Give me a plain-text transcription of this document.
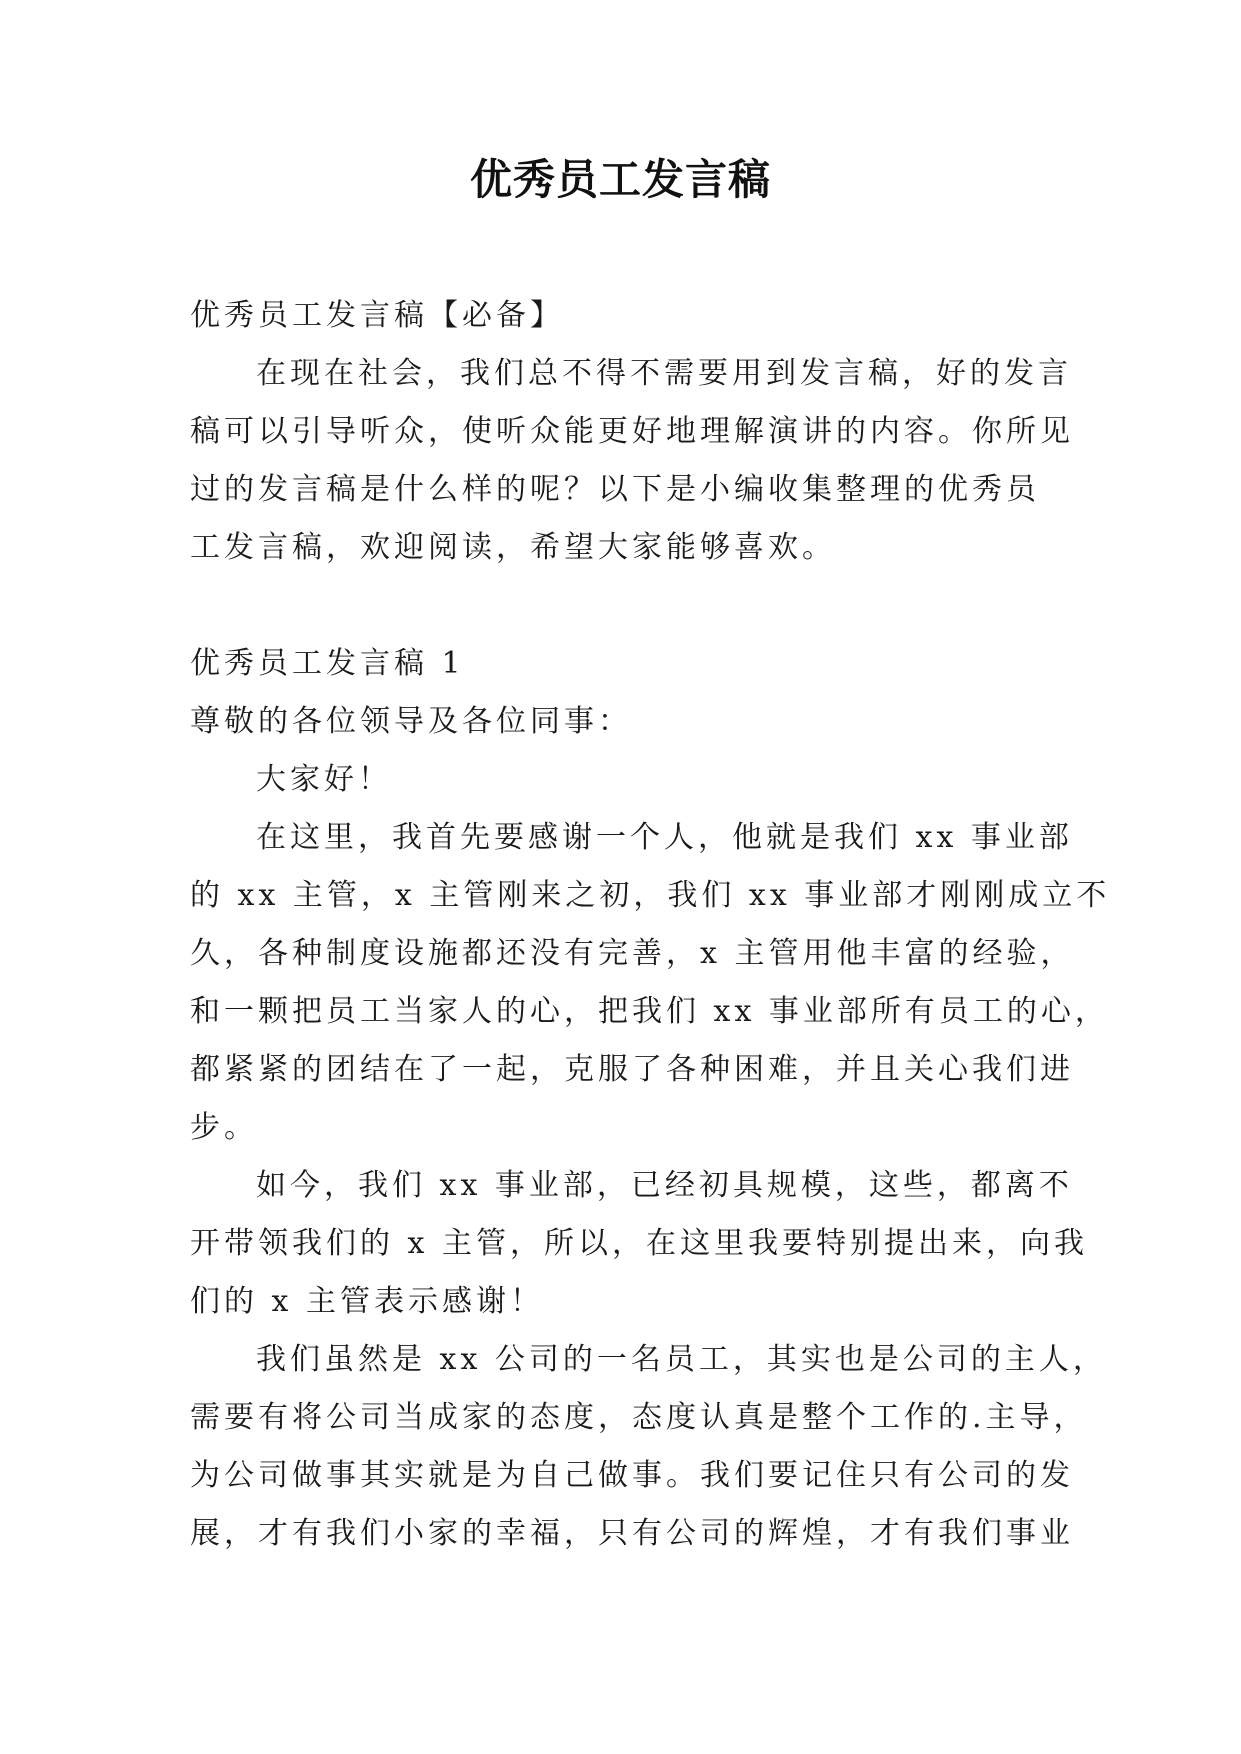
优秀员工发言稿
优秀员工发言稿【必备】
在现在社会，我们总不得不需要用到发言稿，好的发言
稿可以引导听众，使听众能更好地理解演讲的内容。你所见
过的发言稿是什么样的呢？以下是小编收集整理的优秀员
工发言稿，欢迎阅读，希望大家能够喜欢。
优秀员工发言稿 1
尊敬的各位领导及各位同事：
大家好！
在这里，我首先要感谢一个人，他就是我们 xx 事业部
的 xx 主管，x 主管刚来之初，我们 xx 事业部才刚刚成立不
久，各种制度设施都还没有完善，x 主管用他丰富的经验，
和一颗把员工当家人的心，把我们 xx 事业部所有员工的心，
都紧紧的团结在了一起，克服了各种困难，并且关心我们进
步。
如今，我们 xx 事业部，已经初具规模，这些，都离不
开带领我们的 x 主管，所以，在这里我要特别提出来，向我
们的 x 主管表示感谢！
我们虽然是 xx 公司的一名员工，其实也是公司的主人，
需要有将公司当成家的态度，态度认真是整个工作的.主导，
为公司做事其实就是为自己做事。我们要记住只有公司的发
展，才有我们小家的幸福，只有公司的辉煌，才有我们事业
